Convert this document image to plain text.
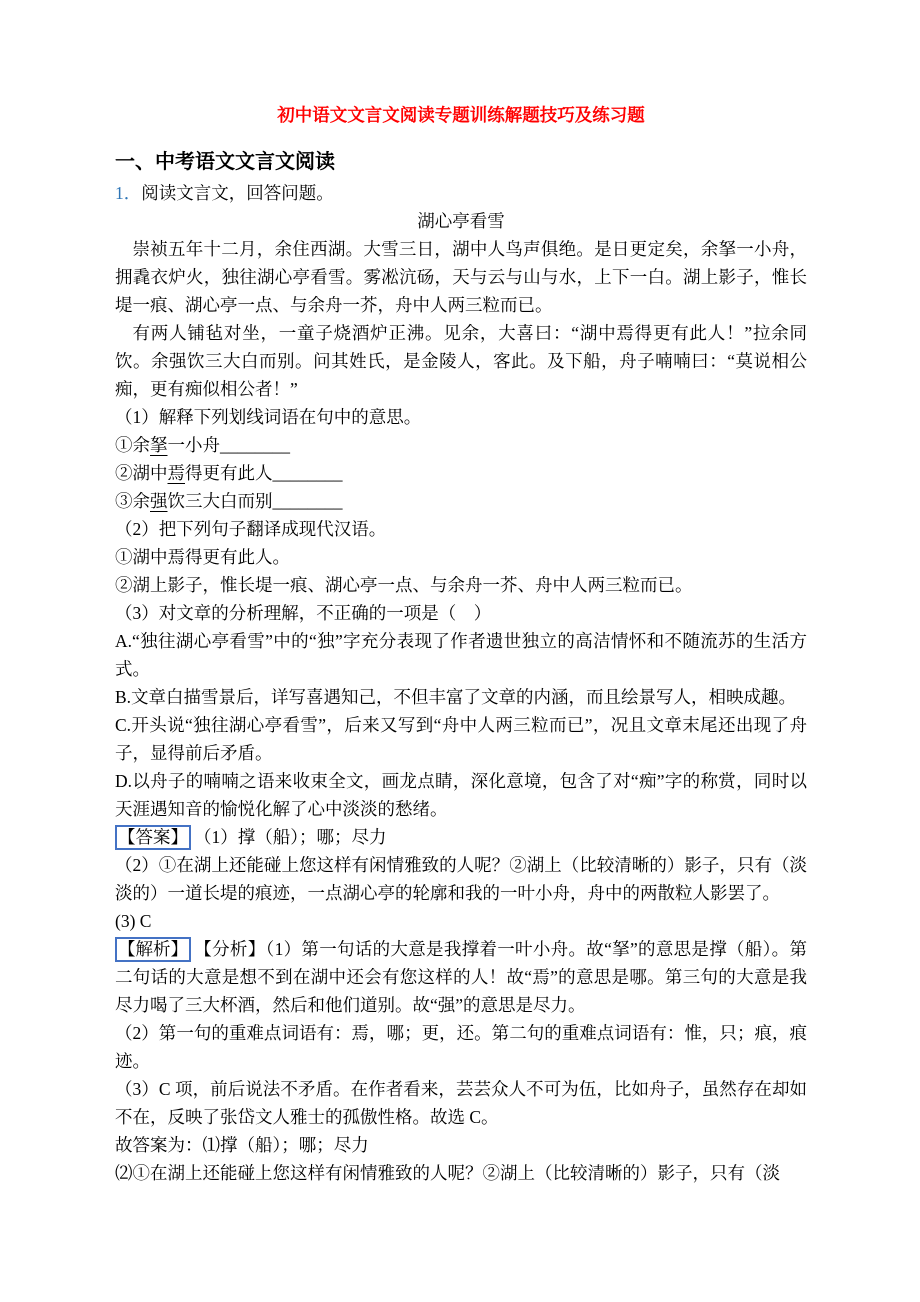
初中语文文言文阅读专题训练解题技巧及练习题
一、中考语文文言文阅读

1．阅读文言文，回答问题。

湖心亭看雪

崇祯五年十二月，余住西湖。大雪三日，湖中人鸟声俱绝。是日更定矣，余拏一小舟，拥毳衣炉火，独往湖心亭看雪。雾凇沆砀，天与云与山与水，上下一白。湖上影子，惟长堤一痕、湖心亭一点、与余舟一芥，舟中人两三粒而已。

有两人铺毡对坐，一童子烧酒炉正沸。见余，大喜曰：“湖中焉得更有此人！”拉余同饮。余强饮三大白而别。问其姓氏，是金陵人，客此。及下船，舟子喃喃曰：“莫说相公痴，更有痴似相公者！”

（1）解释下列划线词语在句中的意思。

①余拏一小舟________

②湖中焉得更有此人________

③余强饮三大白而别________

（2）把下列句子翻译成现代汉语。

①湖中焉得更有此人。

②湖上影子，惟长堤一痕、湖心亭一点、与余舟一芥、舟中人两三粒而已。

（3）对文章的分析理解，不正确的一项是（　）

A.“独往湖心亭看雪”中的“独”字充分表现了作者遗世独立的高洁情怀和不随流苏的生活方式。

B.文章白描雪景后，详写喜遇知己，不但丰富了文章的内涵，而且绘景写人，相映成趣。

C.开头说“独往湖心亭看雪”，后来又写到“舟中人两三粒而已”，况且文章末尾还出现了舟子，显得前后矛盾。

D.以舟子的喃喃之语来收束全文，画龙点睛，深化意境，包含了对“痴”字的称赏，同时以天涯遇知音的愉悦化解了心中淡淡的愁绪。

【答案】 （1）撑（船）；哪；尽力

（2）①在湖上还能碰上您这样有闲情雅致的人呢？②湖上（比较清晰的）影子，只有（淡淡的）一道长堤的痕迹，一点湖心亭的轮廓和我的一叶小舟，舟中的两散粒人影罢了。

(3) C

【解析】 【分析】（1）第一句话的大意是我撑着一叶小舟。故“拏”的意思是撑（船）。第二句话的大意是想不到在湖中还会有您这样的人！故“焉”的意思是哪。第三句的大意是我尽力喝了三大杯酒，然后和他们道别。故“强”的意思是尽力。

（2）第一句的重难点词语有：焉，哪；更，还。第二句的重难点词语有：惟，只；痕，痕迹。

（3）C 项，前后说法不矛盾。在作者看来，芸芸众人不可为伍，比如舟子，虽然存在却如不在，反映了张岱文人雅士的孤傲性格。故选 C。

故答案为：⑴撑（船）；哪；尽力

⑵①在湖上还能碰上您这样有闲情雅致的人呢？②湖上（比较清晰的）影子，只有（淡
